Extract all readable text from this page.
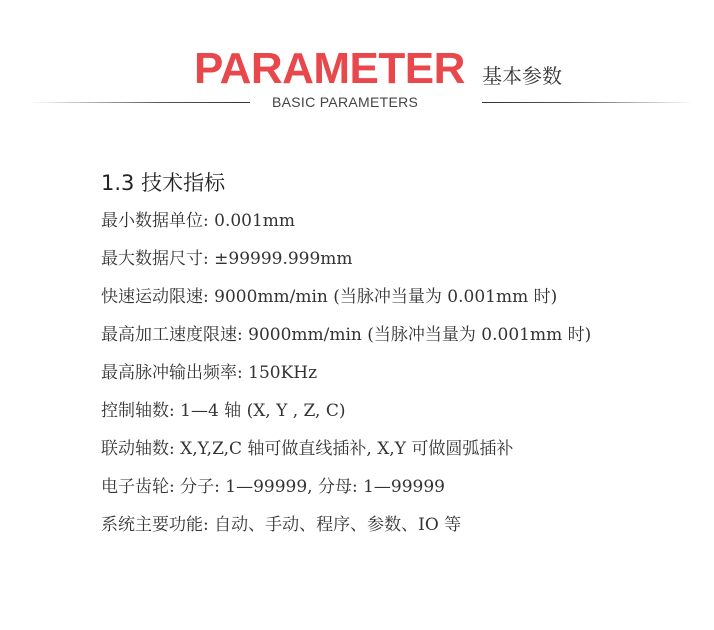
PARAMETER 基本参数
BASIC PARAMETERS
1.3 技术指标
最小数据单位: 0.001mm
最大数据尺寸: ±99999.999mm
快速运动限速: 9000mm/min (当脉冲当量为 0.001mm 时)
最高加工速度限速: 9000mm/min (当脉冲当量为 0.001mm 时)
最高脉冲输出频率: 150KHz
控制轴数: 1—4 轴 (X, Y , Z, C)
联动轴数: X,Y,Z,C 轴可做直线插补, X,Y 可做圆弧插补
电子齿轮: 分子: 1—99999, 分母: 1—99999
系统主要功能: 自动、手动、程序、参数、IO 等
